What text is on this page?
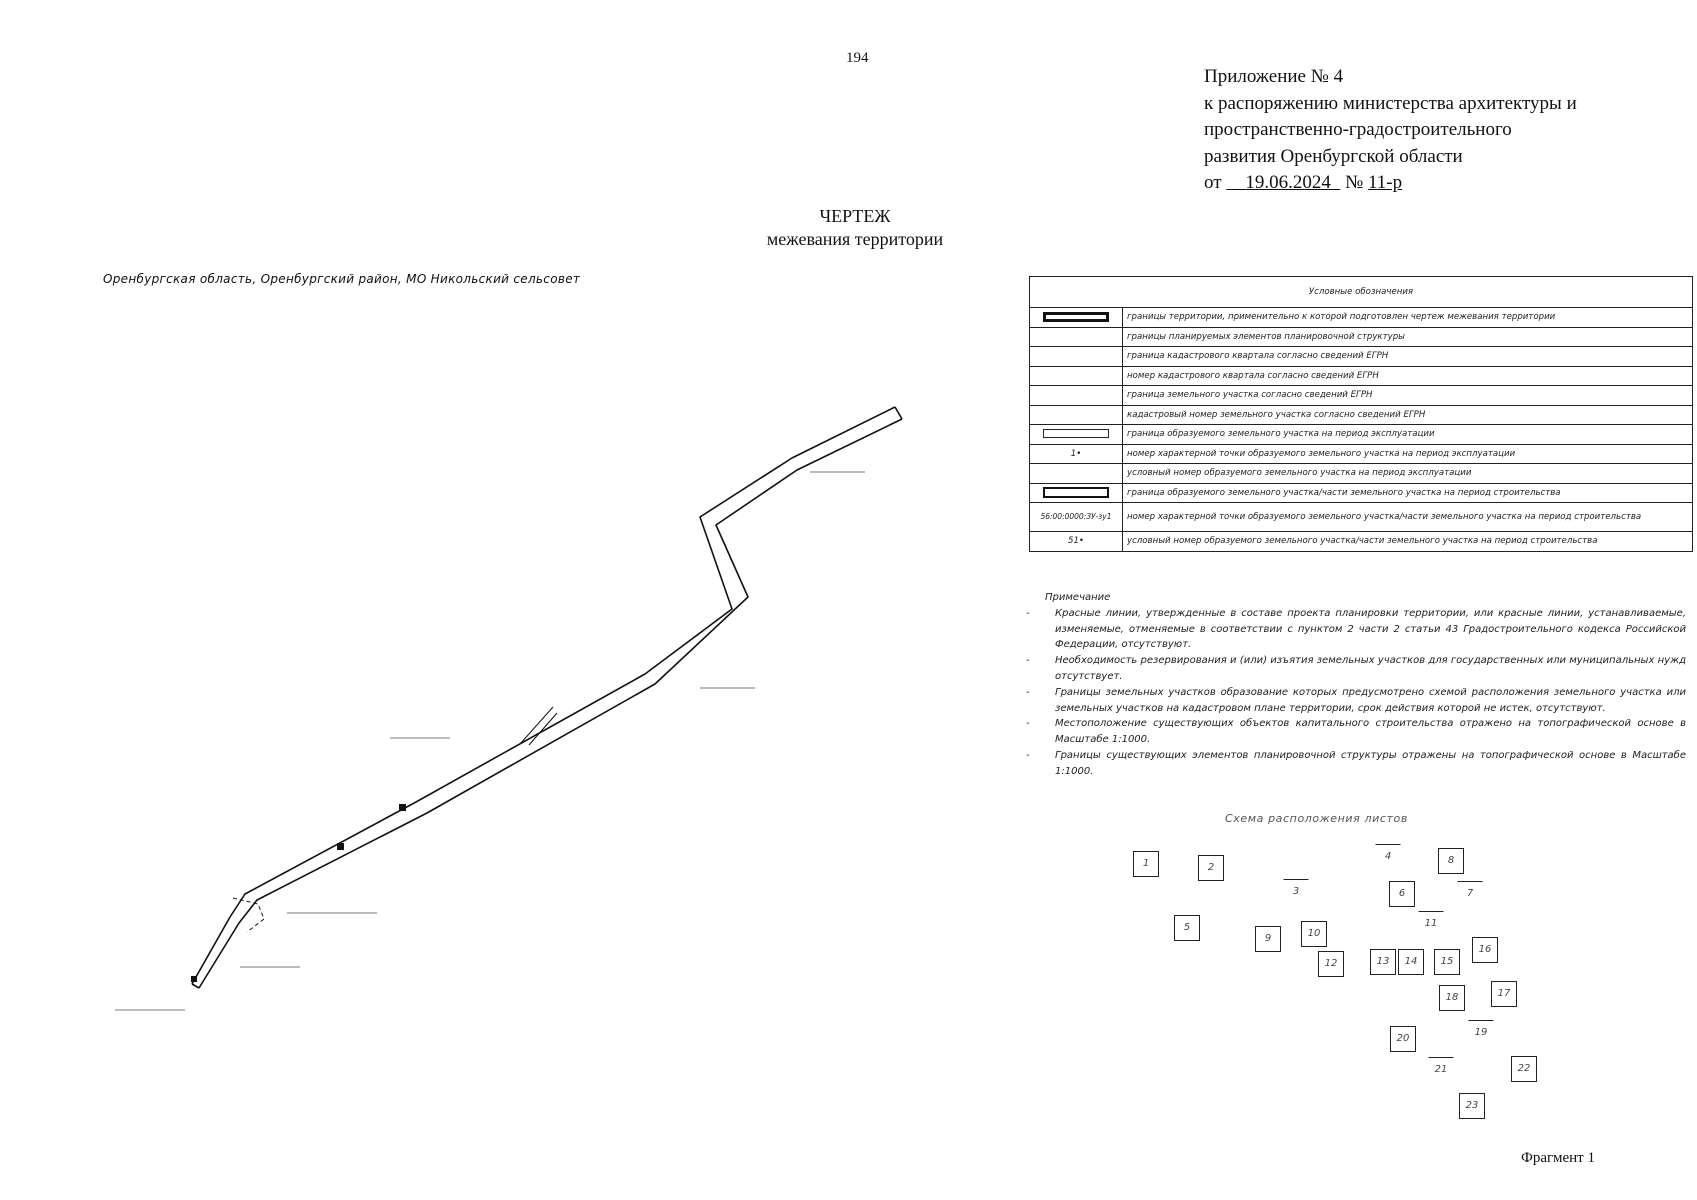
194
Приложение № 4
к распоряжению министерства архитектуры и
пространственно-градостроительного
развития Оренбургской области
от 19.06.2024 № 11-р
ЧЕРТЕЖ
межевания территории
Оренбургская область, Оренбургский район, МО Никольский сельсовет
Условные обозначения	
	границы территории, применительно к которой подготовлен чертеж межевания территории
	границы планируемых элементов планировочной структуры
	граница кадастрового квартала согласно сведений ЕГРН
	номер кадастрового квартала согласно сведений ЕГРН
	граница земельного участка согласно сведений ЕГРН
	кадастровый номер земельного участка согласно сведений ЕГРН
	граница образуемого земельного участка на период эксплуатации
1•	номер характерной точки образуемого земельного участка на период эксплуатации
	условный номер образуемого земельного участка на период эксплуатации
	граница образуемого земельного участка/части земельного участка на период строительства
56:00:0000:ЗУ-зу1	номер характерной точки образуемого земельного участка/части земельного участка на период строительства
51•	условный номер образуемого земельного участка/части земельного участка на период строительства
Примечание
- Красные линии, утвержденные в составе проекта планировки территории, или красные линии, устанавливаемые, изменяемые, отменяемые в соответствии с пунктом 2 части 2 статьи 43 Градостроительного кодекса Российской Федерации, отсутствуют.
- Необходимость резервирования и (или) изъятия земельных участков для государственных или муниципальных нужд отсутствует.
- Границы земельных участков образование которых предусмотрено схемой расположения земельного участка или земельных участков на кадастровом плане территории, срок действия которой не истек, отсутствуют.
- Местоположение существующих объектов капитального строительства отражено на топографической основе в Масштабе 1:1000.
- Границы существующих элементов планировочной структуры отражены на топографической основе в Масштабе 1:1000.
Схема расположения листов
1	2
3
4
5
6	7
8
9	10
11
12	13	14	15
16
17
18
19
20
21	22
23
Фрагмент 1
